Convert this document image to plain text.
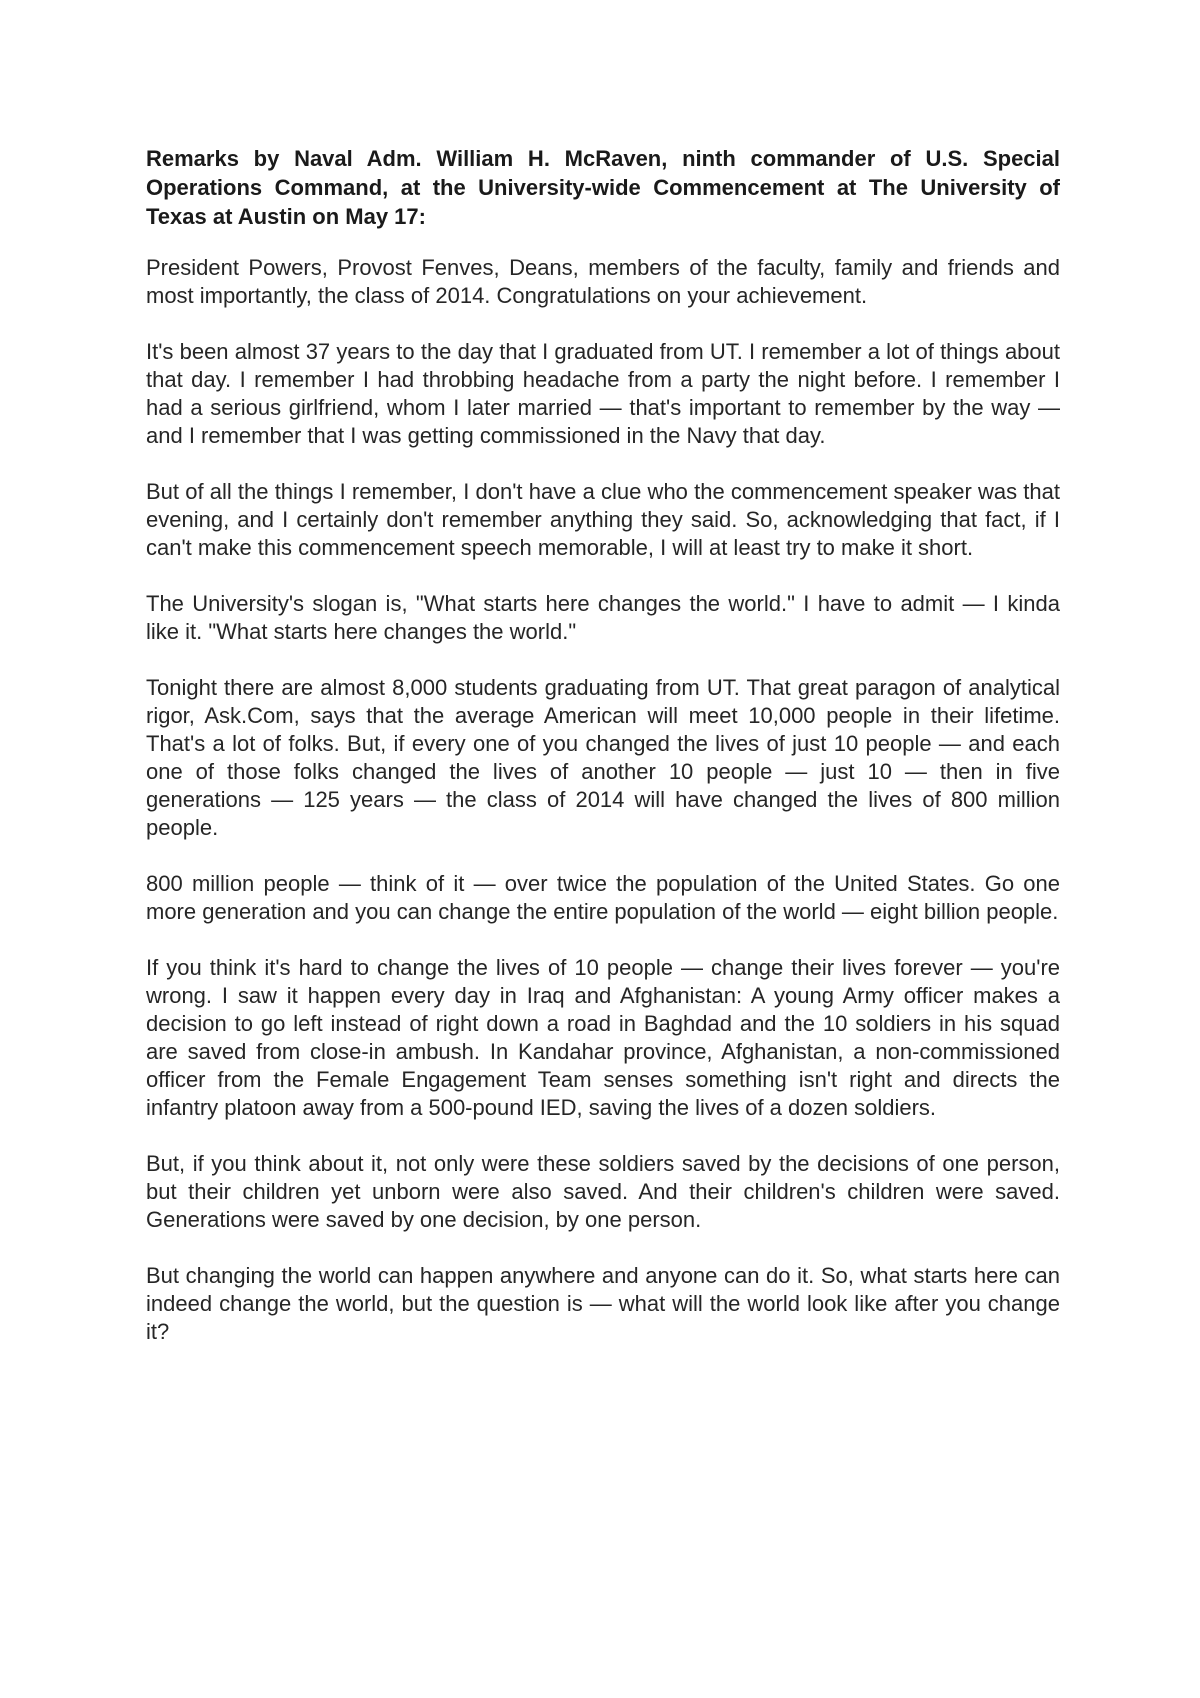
Remarks by Naval Adm. William H. McRaven, ninth commander of U.S. Special Operations Command, at the University-wide Commencement at The University of Texas at Austin on May 17:

President Powers, Provost Fenves, Deans, members of the faculty, family and friends and most importantly, the class of 2014. Congratulations on your achievement.

It's been almost 37 years to the day that I graduated from UT. I remember a lot of things about that day. I remember I had throbbing headache from a party the night before. I remember I had a serious girlfriend, whom I later married — that's important to remember by the way — and I remember that I was getting commissioned in the Navy that day.

But of all the things I remember, I don't have a clue who the commencement speaker was that evening, and I certainly don't remember anything they said. So, acknowledging that fact, if I can't make this commencement speech memorable, I will at least try to make it short.

The University's slogan is, "What starts here changes the world." I have to admit — I kinda like it. "What starts here changes the world."

Tonight there are almost 8,000 students graduating from UT. That great paragon of analytical rigor, Ask.Com, says that the average American will meet 10,000 people in their lifetime. That's a lot of folks. But, if every one of you changed the lives of just 10 people — and each one of those folks changed the lives of another 10 people — just 10 — then in five generations — 125 years — the class of 2014 will have changed the lives of 800 million people.

800 million people — think of it — over twice the population of the United States. Go one more generation and you can change the entire population of the world — eight billion people.

If you think it's hard to change the lives of 10 people — change their lives forever — you're wrong. I saw it happen every day in Iraq and Afghanistan: A young Army officer makes a decision to go left instead of right down a road in Baghdad and the 10 soldiers in his squad are saved from close-in ambush. In Kandahar province, Afghanistan, a non-commissioned officer from the Female Engagement Team senses something isn't right and directs the infantry platoon away from a 500-pound IED, saving the lives of a dozen soldiers.

But, if you think about it, not only were these soldiers saved by the decisions of one person, but their children yet unborn were also saved. And their children's children were saved. Generations were saved by one decision, by one person.

But changing the world can happen anywhere and anyone can do it. So, what starts here can indeed change the world, but the question is — what will the world look like after you change it?
